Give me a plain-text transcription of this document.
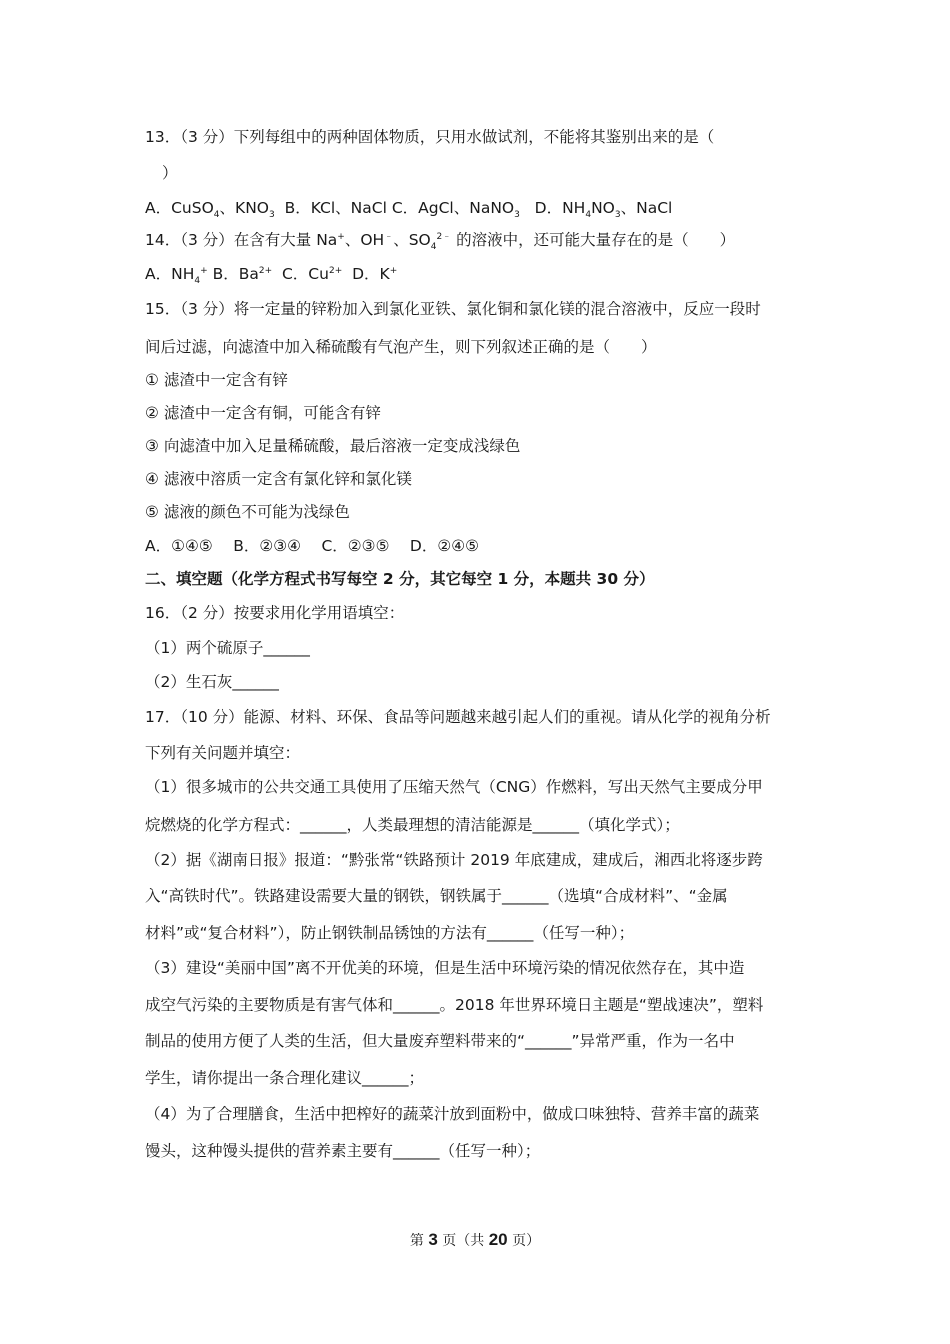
13．（3 分）下列每组中的两种固体物质，只用水做试剂，不能将其鉴别出来的是（
）
A．CuSO$_4$、$KNO_3$ B．KCl、NaCl C．AgCl、NaNO$_3$ D．$NH_4NO_3$、NaCl
14．（3 分）在含有大量 Na+、OH﹣、$SO_4^{2﹣}$ 的溶液中，还可能大量存在的是（　　）
A．$NH_4^+$ B．$Ba^{2+}$ C．$Cu^{2+}$ D．K+
15．（3 分）将一定量的锌粉加入到氯化亚铁、氯化铜和氯化镁的混合溶液中，反应一段时
间后过滤，向滤渣中加入稀硫酸有气泡产生，则下列叙述正确的是（　　）
① 滤渣中一定含有锌
② 滤渣中一定含有铜，可能含有锌
③ 向滤渣中加入足量稀硫酸，最后溶液一定变成浅绿色
④ 滤液中溶质一定含有氯化锌和氯化镁
⑤ 滤液的颜色不可能为浅绿色
A．①④⑤　 B．②③④　 C．②③⑤　 D．②④⑤
二、填空题（化学方程式书写每空 2 分，其它每空 1 分，本题共 30 分）
16．（2 分）按要求用化学用语填空：
（1）两个硫原子______
（2）生石灰______
17．（10 分）能源、材料、环保、食品等问题越来越引起人们的重视。请从化学的视角分析
下列有关问题并填空：
（1）很多城市的公共交通工具使用了压缩天然气（CNG）作燃料，写出天然气主要成分甲
烷燃烧的化学方程式：______，人类最理想的清洁能源是______（填化学式）；
（2）据《湖南日报》报道：“黔张常“铁路预计 2019 年底建成，建成后，湘西北将逐步跨
入“高铁时代”。铁路建设需要大量的钢铁，钢铁属于______（选填“合成材料”、“金属
材料”或“复合材料”），防止钢铁制品锈蚀的方法有______（任写一种）；
（3）建设“美丽中国”离不开优美的环境，但是生活中环境污染的情况依然存在，其中造
成空气污染的主要物质是有害气体和______。2018 年世界环境日主题是“塑战速决”，塑料
制品的使用方便了人类的生活，但大量废弃塑料带来的“______”异常严重，作为一名中
学生，请你提出一条合理化建议______；
（4）为了合理膳食，生活中把榨好的蔬菜汁放到面粉中，做成口味独特、营养丰富的蔬菜
馒头，这种馒头提供的营养素主要有______（任写一种）；
第 3 页（共 20 页）
